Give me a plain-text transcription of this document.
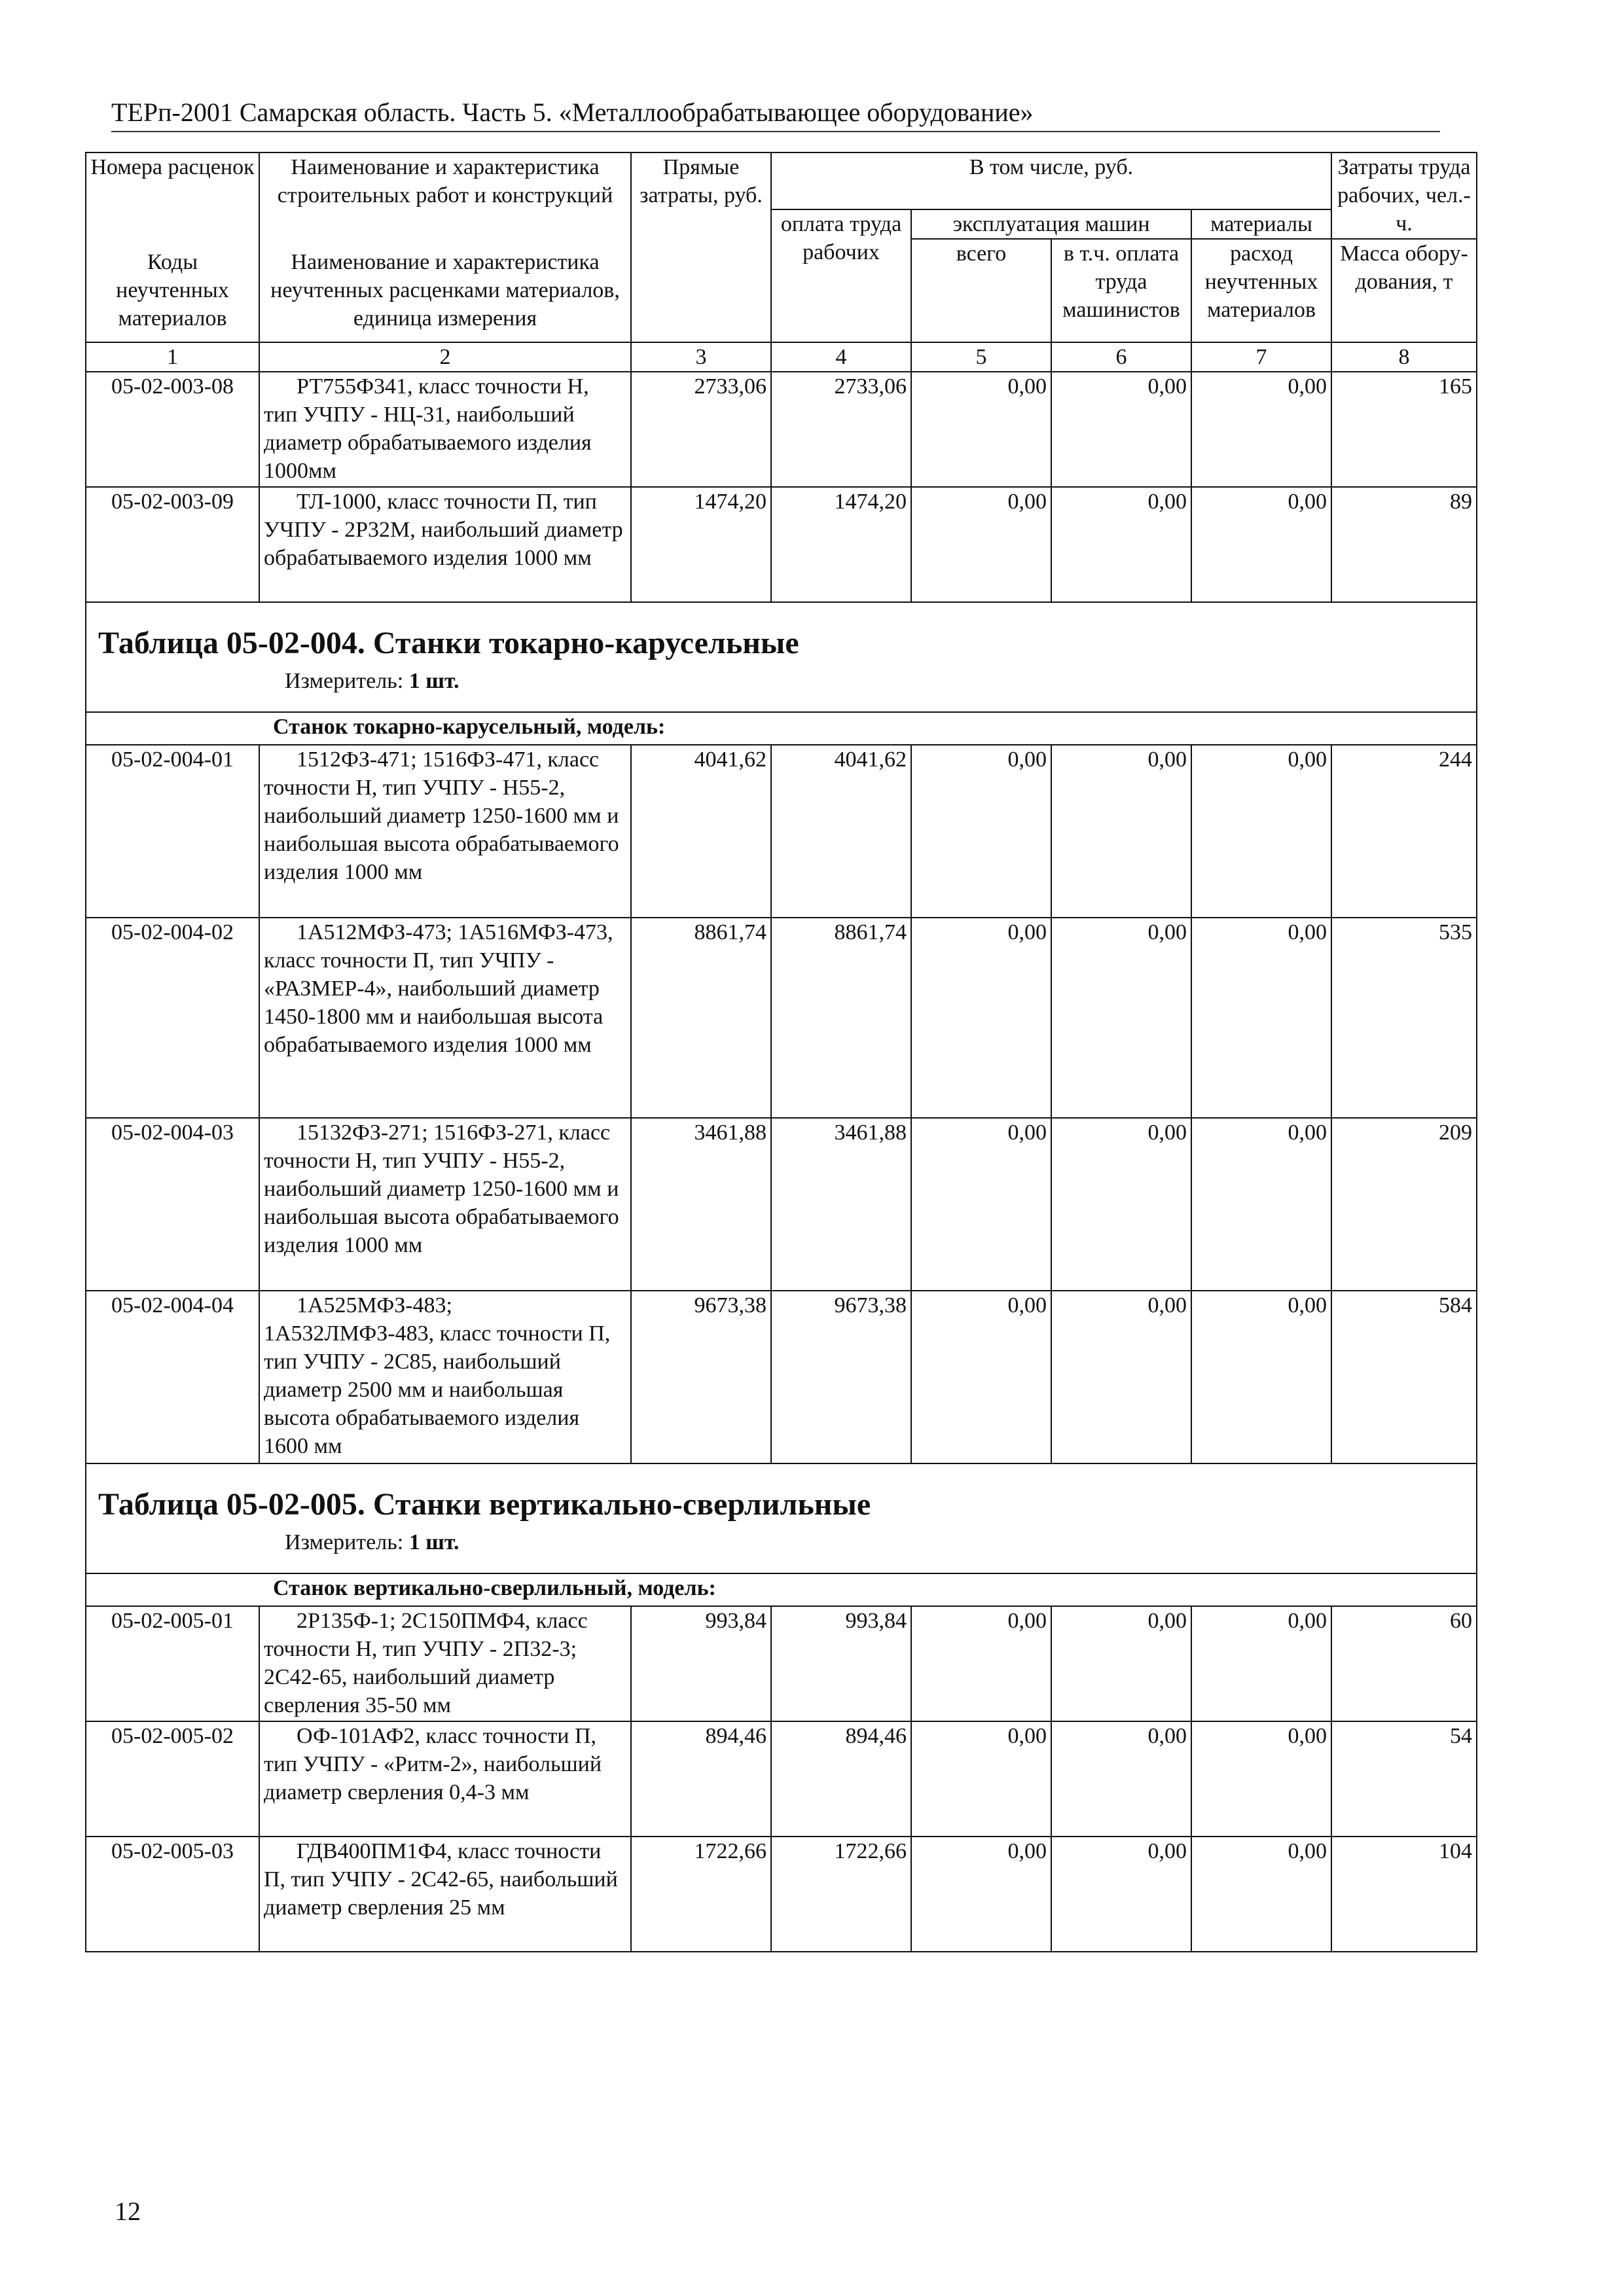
ТЕРп-2001 Самарская область. Часть 5. «Металлообрабатывающее оборудование»
Номера расценок	Наименование и характеристика строительных работ и конструкций	Прямые затраты, руб.	В том числе, руб.				Затраты труда рабочих, чел.-ч.
Коды неучтенных материалов	Наименование и характеристика неучтенных расценками материалов, единица измерения		оплата труда рабочих	эксплуатация машин		материалы	
				всего	в т.ч. оплата труда машинистов	расход неучтенных материалов	Масса обору-дования, т
1	2	3	4	5	6	7	8
05-02-003-08	РТ755Ф341, класс точности Н, тип УЧПУ - НЦ-31, наибольший диаметр обрабатываемого изделия 1000мм	2733,06	2733,06	0,00	0,00	0,00	165
05-02-003-09	ТЛ-1000, класс точности П, тип УЧПУ - 2Р32М, наибольший диаметр обрабатываемого изделия 1000 мм	1474,20	1474,20	0,00	0,00	0,00	89

Таблица 05-02-004. Станки токарно-карусельные
Измеритель: 1 шт.							

Станок токарно-карусельный, модель:							
05-02-004-01	1512ФЗ-471; 1516ФЗ-471, класс точности Н, тип УЧПУ - Н55-2, наибольший диаметр 1250-1600 мм и наибольшая высота обрабатываемого изделия 1000 мм	4041,62	4041,62	0,00	0,00	0,00	244
05-02-004-02	1А512МФЗ-473; 1А516МФЗ-473, класс точности П, тип УЧПУ - «РАЗМЕР-4», наибольший диаметр 1450-1800 мм и наибольшая высота обрабатываемого изделия 1000 мм	8861,74	8861,74	0,00	0,00	0,00	535
05-02-004-03	15132ФЗ-271; 1516ФЗ-271, класс точности Н, тип УЧПУ - Н55-2, наибольший диаметр 1250-1600 мм и наибольшая высота обрабатываемого изделия 1000 мм	3461,88	3461,88	0,00	0,00	0,00	209
05-02-004-04	1А525МФЗ-483; 1А532ЛМФЗ-483, класс точности П, тип УЧПУ - 2С85, наибольший диаметр 2500 мм и наибольшая высота обрабатываемого изделия 1600 мм	9673,38	9673,38	0,00	0,00	0,00	584

Таблица 05-02-005. Станки вертикально-сверлильные
Измеритель: 1 шт.							

Станок вертикально-сверлильный, модель:							
05-02-005-01	2Р135Ф-1; 2С150ПМФ4, класс точности Н, тип УЧПУ - 2П32-3; 2С42-65, наибольший диаметр сверления 35-50 мм	993,84	993,84	0,00	0,00	0,00	60
05-02-005-02	ОФ-101АФ2, класс точности П, тип УЧПУ - «Ритм-2», наибольший диаметр сверления 0,4-3 мм	894,46	894,46	0,00	0,00	0,00	54
05-02-005-03	ГДВ400ПМ1Ф4, класс точности П, тип УЧПУ - 2С42-65, наибольший диаметр сверления 25 мм	1722,66	1722,66	0,00	0,00	0,00	104
12
